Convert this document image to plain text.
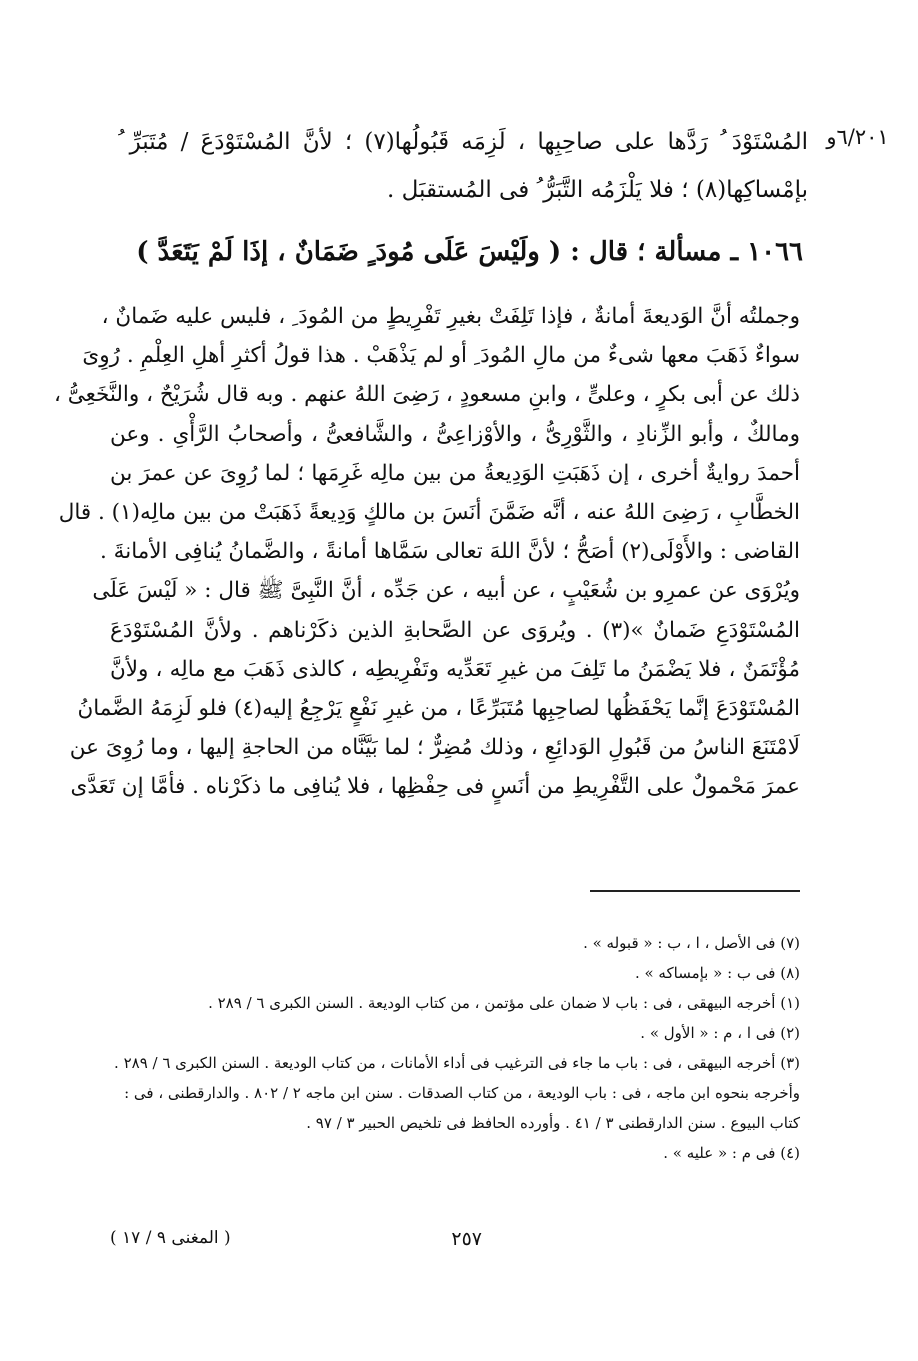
٦/٢٠١و
المُسْتَوْدَ ُ رَدَّها على صاحِبِها ، لَزِمَه قَبُولُها(٧) ؛ لأنَّ المُسْتَوْدَعَ / مُتَبَرِّ ُ بإمْساكِها(٨) ؛ فلا يَلْزَمُه التَّبَرُّ ُ فى المُستقبَل .
١٠٦٦ ـ مسألة ؛ قال : ( ولَيْسَ عَلَى مُودَ ٍ ضَمَانٌ ، إذَا لَمْ يَتَعَدَّ )
وجملتُه أنَّ الوَديعةَ أمانةٌ ، فإذا تَلِفَتْ بغيرِ تَفْرِيطٍ من المُودَ ِ ، فليس عليه ضَمانٌ ،
سواءٌ ذَهَبَ معها شىءٌ من مالِ المُودَ ِ أو لم يَذْهَبْ . هذا قولُ أكثرِ أهلِ العِلْمِ . رُوِىَ
ذلك عن أبى بكرٍ ، وعلىٍّ ، وابنِ مسعودٍ ، رَضِىَ اللهُ عنهم . وبه قال شُرَيْحٌ ، والنَّخَعِىُّ ،
ومالكٌ ، وأبو الزِّنادِ ، والثَّوْرِىُّ ، والأوْزاعِىُّ ، والشَّافعىُّ ، وأصحابُ الرَّأْىِ . وعن
أحمدَ روايةٌ أخرى ، إن ذَهَبَتِ الوَدِيعةُ من بين مالِه غَرِمَها ؛ لما رُوِىَ عن عمرَ بن
الخطَّابِ ، رَضِىَ اللهُ عنه ، أنَّه ضَمَّنَ أنَسَ بن مالكٍ وَدِيعةً ذَهَبَتْ من بين مالِه(١) . قال
القاضى : والأَوْلَى(٢) أصَحُّ ؛ لأنَّ اللهَ تعالى سَمَّاها أمانةً ، والضَّمانُ يُنافِى الأمانةَ .
ويُرْوَى عن عمرِو بن شُعَيْبٍ ، عن أبيه ، عن جَدِّه ، أنَّ النَّبِىَّ ﷺ قال : « لَيْسَ عَلَى
المُسْتَوْدَعِ ضَمانٌ »(٣) . ويُروَى عن الصَّحابةِ الذين ذكَرْناهم . ولأنَّ المُسْتَوْدَعَ
مُؤْتَمَنٌ ، فلا يَضْمَنُ ما تَلِفَ من غيرِ تَعَدِّيه وتَفْرِيطِه ، كالذى ذَهَبَ مع مالِه ، ولأنَّ
المُسْتَوْدَعَ إنَّما يَحْفَظُها لصاحِبِها مُتَبَرِّعًا ، من غيرِ نَفْعٍ يَرْجِعُ إليه(٤) فلو لَزِمَهُ الضَّمانُ
لَامْتَنَعَ الناسُ من قَبُولِ الوَدائِعِ ، وذلك مُضِرٌّ ؛ لما بَيَّنَّاه من الحاجةِ إليها ، وما رُوِىَ عن
عمرَ مَحْمولٌ على التَّفْرِيطِ من أنَسٍ فى حِفْظِها ، فلا يُنافِى ما ذكَرْناه . فأمَّا إن تَعَدَّى
(٧) فى الأصل ، ا ، ب : « قبوله » .
(٨) فى ب : « بإمساكه » .
(١) أخرجه البيهقى ، فى : باب لا ضمان على مؤتمن ، من كتاب الوديعة . السنن الكبرى ٦ / ٢٨٩ .
(٢) فى ا ، م : « الأول » .
(٣) أخرجه البيهقى ، فى : باب ما جاء فى الترغيب فى أداء الأمانات ، من كتاب الوديعة . السنن الكبرى ٦ / ٢٨٩ .
وأخرجه بنحوه ابن ماجه ، فى : باب الوديعة ، من كتاب الصدقات . سنن ابن ماجه ٢ / ٨٠٢ . والدارقطنى ، فى : كتاب البيوع . سنن الدارقطنى ٣ / ٤١ . وأورده الحافظ فى تلخيص الحبير ٣ / ٩٧ .
(٤) فى م : « عليه » .
٢٥٧
( المغنى ٩ / ١٧ )
